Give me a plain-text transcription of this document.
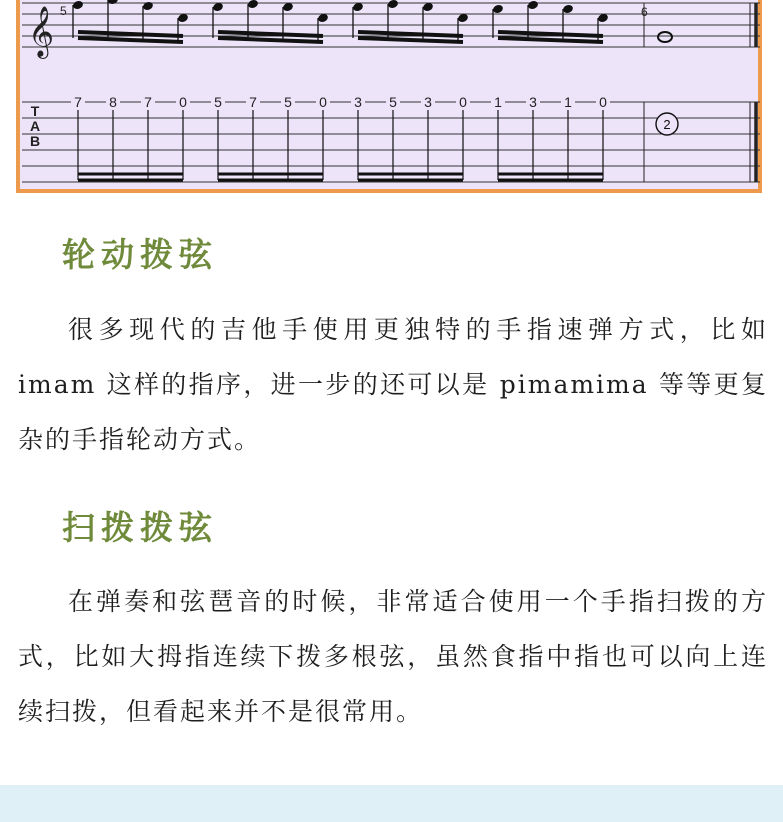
𝄞
7 8 7 0 5 7 5 0 3 5 3 0 1 3 1 0
2
5	6
T
A
B
轮动拨弦

很多现代的吉他手使用更独特的手指速弹方式，比如 imam 这样的指序，进一步的还可以是 pimamima 等等更复杂的手指轮动方式。

扫拨拨弦

在弹奏和弦琶音的时候，非常适合使用一个手指扫拨的方式，比如大拇指连续下拨多根弦，虽然食指中指也可以向上连续扫拨，但看起来并不是很常用。
